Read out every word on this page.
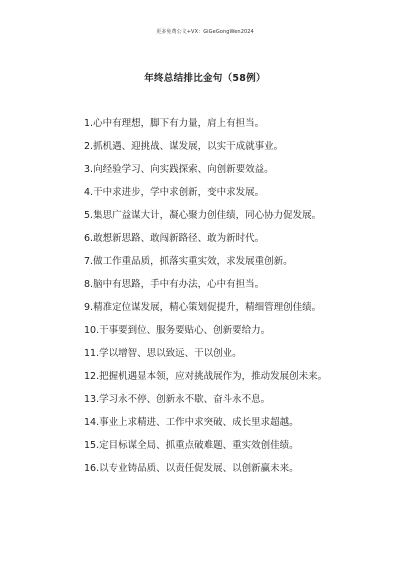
更多免费公文+VX：GiGeGongWen2024
年终总结排比金句（58例）
1.心中有理想，脚下有力量，肩上有担当。
2.抓机遇、迎挑战、谋发展，以实干成就事业。
3.向经验学习、向实践探索、向创新要效益。
4.干中求进步，学中求创新，变中求发展。
5.集思广益谋大计，凝心聚力创佳绩，同心协力促发展。
6.敢想新思路、敢闯新路径、敢为新时代。
7.做工作重品质，抓落实重实效，求发展重创新。
8.脑中有思路，手中有办法，心中有担当。
9.精准定位谋发展，精心策划促提升，精细管理创佳绩。
10.干事要到位、服务要贴心、创新要给力。
11.学以增智、思以致远、干以创业。
12.把握机遇显本领，应对挑战展作为，推动发展创未来。
13.学习永不停、创新永不歇、奋斗永不息。
14.事业上求精进、工作中求突破、成长里求超越。
15.定目标谋全局、抓重点破难题、重实效创佳绩。
16.以专业铸品质、以责任促发展、以创新赢未来。
